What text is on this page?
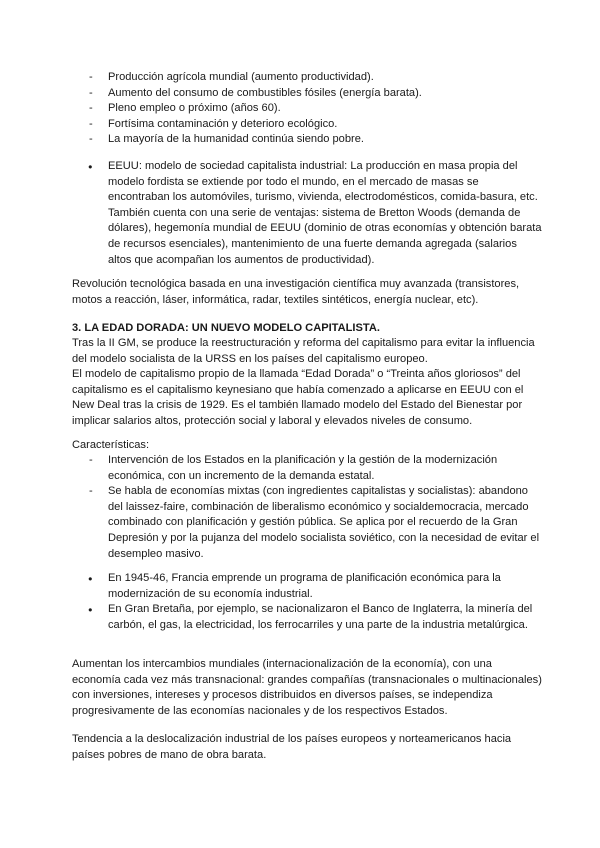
- Producción agrícola mundial (aumento productividad).
- Aumento del consumo de combustibles fósiles (energía barata).
- Pleno empleo o próximo (años 60).
- Fortísima contaminación y deterioro ecológico.
- La mayoría de la humanidad continúa siendo pobre.
● EEUU: modelo de sociedad capitalista industrial: La producción en masa propia del modelo fordista se extiende por todo el mundo, en el mercado de masas se encontraban los automóviles, turismo, vivienda, electrodomésticos, comida-basura, etc. También cuenta con una serie de ventajas: sistema de Bretton Woods (demanda de dólares), hegemonía mundial de EEUU (dominio de otras economías y obtención barata de recursos esenciales), mantenimiento de una fuerte demanda agregada (salarios altos que acompañan los aumentos de productividad).

Revolución tecnológica basada en una investigación científica muy avanzada (transistores, motos a reacción, láser, informática, radar, textiles sintéticos, energía nuclear, etc).

3. LA EDAD DORADA: UN NUEVO MODELO CAPITALISTA.

Tras la II GM, se produce la reestructuración y reforma del capitalismo para evitar la influencia del modelo socialista de la URSS en los países del capitalismo europeo.

El modelo de capitalismo propio de la llamada “Edad Dorada” o “Treinta años gloriosos” del capitalismo es el capitalismo keynesiano que había comenzado a aplicarse en EEUU con el New Deal tras la crisis de 1929. Es el también llamado modelo del Estado del Bienestar por implicar salarios altos, protección social y laboral y elevados niveles de consumo.

Características:

- Intervención de los Estados en la planificación y la gestión de la modernización económica, con un incremento de la demanda estatal.
- Se habla de economías mixtas (con ingredientes capitalistas y socialistas): abandono del laissez-faire, combinación de liberalismo económico y socialdemocracia, mercado combinado con planificación y gestión pública. Se aplica por el recuerdo de la Gran Depresión y por la pujanza del modelo socialista soviético, con la necesidad de evitar el desempleo masivo.
● En 1945-46, Francia emprende un programa de planificación económica para la modernización de su economía industrial.
● En Gran Bretaña, por ejemplo, se nacionalizaron el Banco de Inglaterra, la minería del carbón, el gas, la electricidad, los ferrocarriles y una parte de la industria metalúrgica.

Aumentan los intercambios mundiales (internacionalización de la economía), con una economía cada vez más transnacional: grandes compañías (transnacionales o multinacionales) con inversiones, intereses y procesos distribuidos en diversos países, se independiza progresivamente de las economías nacionales y de los respectivos Estados.

Tendencia a la deslocalización industrial de los países europeos y norteamericanos hacia países pobres de mano de obra barata.
